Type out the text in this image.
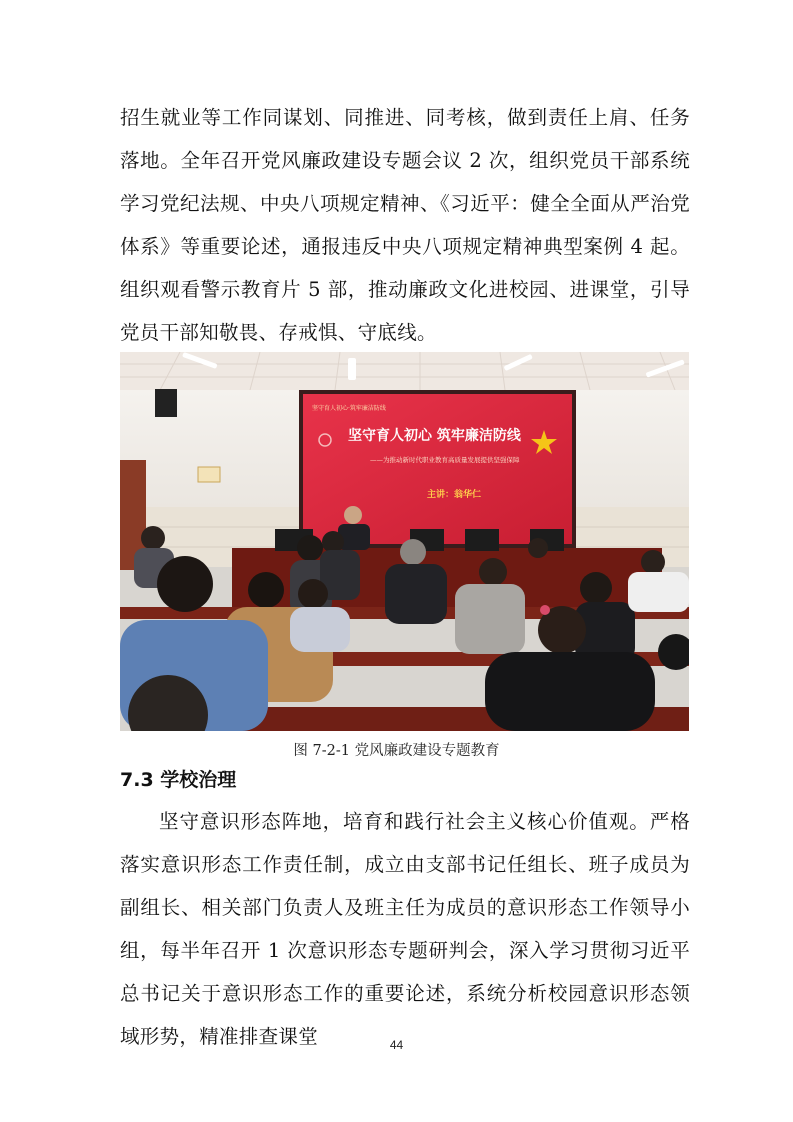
招生就业等工作同谋划、同推进、同考核，做到责任上肩、任务落地。全年召开党风廉政建设专题会议 2 次，组织党员干部系统学习党纪法规、中央八项规定精神、《习近平：健全全面从严治党体系》等重要论述，通报违反中央八项规定精神典型案例 4 起。组织观看警示教育片 5 部，推动廉政文化进校园、进课堂，引导党员干部知敬畏、存戒惧、守底线。

坚守育人初心·筑牢廉洁防线
坚守育人初心 筑牢廉洁防线
——为推动新时代职业教育高质量发展提供坚强保障
主讲：翁华仁
图 7-2-1 党风廉政建设专题教育
7.3 学校治理

坚守意识形态阵地，培育和践行社会主义核心价值观。严格落实意识形态工作责任制，成立由支部书记任组长、班子成员为副组长、相关部门负责人及班主任为成员的意识形态工作领导小组，每半年召开 1 次意识形态专题研判会，深入学习贯彻习近平总书记关于意识形态工作的重要论述，系统分析校园意识形态领域形势，精准排查课堂	44
